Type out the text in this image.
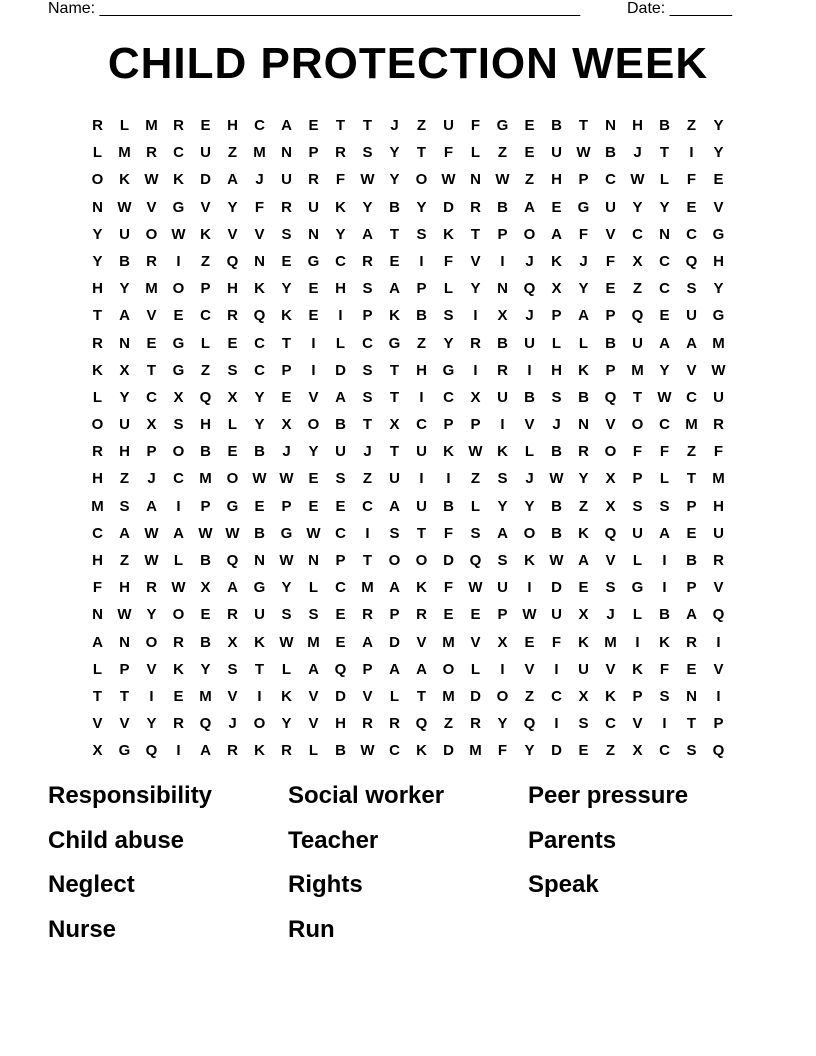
Name: ______________________________________________________	Date: _______
CHILD PROTECTION WEEK
R	L	M	R	E	H	C	A	E	T	T	J	Z	U	F	G	E	B	T	N	H	B	Z	Y
L	M	R	C	U	Z	M	N	P	R	S	Y	T	F	L	Z	E	U W B	J	T	I	Y
O	K W K	D	A	J	U	R	F	W Y	O W N W	Z	H	P	C W	L	F	E
N W V	G	V	Y	F	R	U	K	Y	B	Y	D	R	B	A	E	G	U	Y	Y	E	V
Y	U	O W K	V	V	S	N	Y	A	T	S	K	T	P	O	A	F	V	C	N	C	G
Y	B	R	I	Z	Q	N	E	G	C	R	E	I	F	V	I	J	K	J	F	X	C	Q	H
H	Y	M O	P	H	K	Y	E	H	S	A	P	L	Y	N	Q	X	Y	E	Z	C	S	Y
T	A	V	E	C	R	Q	K	E	I	P	K	B	S	I	X	J	P	A	P	Q	E	U	G
R	N	E	G	L	E	C	T	I	L	C	G	Z	Y	R	B	U	L	L	B	U	A	A	M
K	X	T	G	Z	S	C	P	I	D	S	T	H	G	I	R	I	H	K	P	M	Y	V W
L	Y	C	X	Q	X	Y	E	V	A	S	T	I	C	X	U	B	S	B	Q	T	W C	U
O	U	X	S	H	L	Y	X	O	B	T	X	C	P	P	I	V	J	N	V	O	C	M	R
R	H	P	O	B	E	B	J	Y	U	J	T	U	K W K	L	B	R	O	F	F	Z	F
H	Z	J	C	M O W W E	S	Z	U	I	I	Z	S	J	W Y	X	P	L	T	M
M	S	A	I	P	G	E	P	E	E	C	A	U	B	L	Y	Y	B	Z	X	S	S	P	H
C	A W A W W B	G W C	I	S	T	F	S	A	O	B	K	Q	U	A	E	U
H	Z	W	L	B	Q	N W N	P	T	O	O	D	Q	S	K W A	V	L	I	B	R
F	H	R W X	A	G	Y	L	C	M	A	K	F	W U	I	D	E	S	G	I	P	V
N W Y	O	E	R	U	S	S	E	R	P	R	E	E	P W U	X	J	L	B	A	Q
A	N	O	R	B	X	K W M	E	A	D	V	M	V	X	E	F	K	M	I	K	R	I
L	P	V	K	Y	S	T	L	A	Q	P	A	A	O	L	I	V	I	U	V	K	F	E	V
T	T	I	E	M	V	I	K	V	D	V	L	T	M	D	O	Z	C	X	K	P	S	N	I
V	V	Y	R	Q	J	O	Y	V	H	R	R	Q	Z	R	Y	Q	I	S	C	V	I	T	P
X	G	Q	I	A	R	K	R	L	B W C	K	D	M	F	Y	D	E	Z	X	C	S	Q
Responsibility
Child abuse
Neglect
Nurse
Social worker
Teacher
Rights
Run
Peer pressure
Parents
Speak
